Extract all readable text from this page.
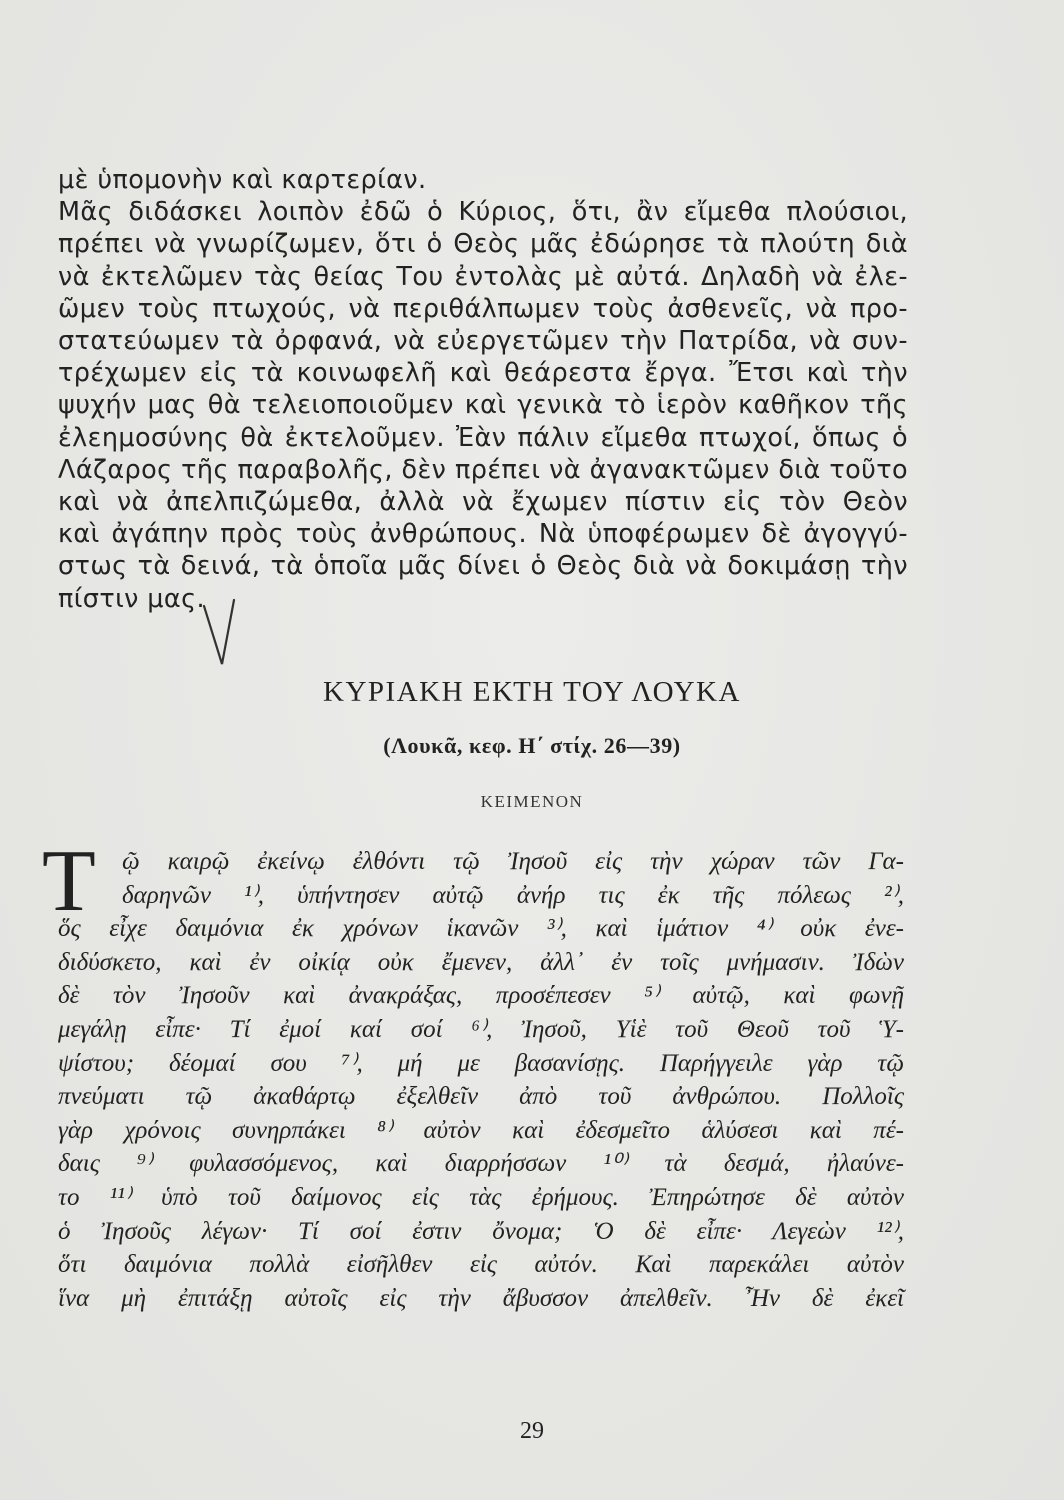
μὲ ὑπομονὴν καὶ καρτερίαν.
Μᾶς διδάσκει λοιπὸν ἐδῶ ὁ Κύριος, ὅτι, ἂν εἴμεθα πλούσιοι,
πρέπει νὰ γνωρίζωμεν, ὅτι ὁ Θεὸς μᾶς ἐδώρησε τὰ πλούτη διὰ
νὰ ἐκτελῶμεν τὰς θείας Του ἐντολὰς μὲ αὐτά. Δηλαδὴ νὰ ἐλε-
ῶμεν τοὺς πτωχούς, νὰ περιθάλπωμεν τοὺς ἀσθενεῖς, νὰ προ-
στατεύωμεν τὰ ὀρφανά, νὰ εὐεργετῶμεν τὴν Πατρίδα, νὰ συν-
τρέχωμεν εἰς τὰ κοινωφελῆ καὶ θεάρεστα ἔργα. Ἔτσι καὶ τὴν
ψυχήν μας θὰ τελειοποιοῦμεν καὶ γενικὰ τὸ ἱερὸν καθῆκον τῆς
ἐλεημοσύνης θὰ ἐκτελοῦμεν. Ἐὰν πάλιν εἴμεθα πτωχοί, ὅπως ὁ
Λάζαρος τῆς παραβολῆς, δὲν πρέπει νὰ ἀγανακτῶμεν διὰ τοῦτο
καὶ νὰ ἀπελπιζώμεθα, ἀλλὰ νὰ ἔχωμεν πίστιν εἰς τὸν Θεὸν
καὶ ἀγάπην πρὸς τοὺς ἀνθρώπους. Νὰ ὑποφέρωμεν δὲ ἀγογγύ-
στως τὰ δεινά, τὰ ὁποῖα μᾶς δίνει ὁ Θεὸς διὰ νὰ δοκιμάσῃ τὴν
πίστιν μας.
ΚΥΡΙΑΚΗ ΕΚΤΗ ΤΟΥ ΛΟΥΚΑ
(Λουκᾶ, κεφ. Η΄ στίχ. 26—39)
ΚΕΙΜΕΝΟΝ
Τ	ῷ καιρῷ ἐκείνῳ ἐλθόντι τῷ Ἰησοῦ εἰς τὴν χώραν τῶν Γα-
δαρηνῶν ¹⁾, ὑπήντησεν αὐτῷ ἀνήρ τις ἐκ τῆς πόλεως ²⁾,
ὅς εἶχε δαιμόνια ἐκ χρόνων ἱκανῶν ³⁾, καὶ ἱμάτιον ⁴⁾ οὐκ ἐνε-
διδύσκετο, καὶ ἐν οἰκίᾳ οὐκ ἔμενεν, ἀλλ᾽ ἐν τοῖς μνήμασιν. Ἰδὼν
δὲ τὸν Ἰησοῦν καὶ ἀνακράξας, προσέπεσεν ⁵⁾ αὐτῷ, καὶ φωνῇ
μεγάλῃ εἶπε· Τί ἐμοί καί σοί ⁶⁾, Ἰησοῦ, Υἱὲ τοῦ Θεοῦ τοῦ Ὑ-
ψίστου; δέομαί σου ⁷⁾, μή με βασανίσῃς. Παρήγγειλε γὰρ τῷ
πνεύματι τῷ ἀκαθάρτῳ ἐξελθεῖν ἀπὸ τοῦ ἀνθρώπου. Πολλοῖς
γὰρ χρόνοις συνηρπάκει ⁸⁾ αὐτὸν καὶ ἐδεσμεῖτο ἁλύσεσι καὶ πέ-
δαις ⁹⁾ φυλασσόμενος, καὶ διαρρήσσων ¹⁰⁾ τὰ δεσμά, ἠλαύνε-
το ¹¹⁾ ὑπὸ τοῦ δαίμονος εἰς τὰς ἐρήμους. Ἐπηρώτησε δὲ αὐτὸν
ὁ Ἰησοῦς λέγων· Τί σοί ἐστιν ὄνομα; Ὁ δὲ εἶπε· Λεγεὼν ¹²⁾,
ὅτι δαιμόνια πολλὰ εἰσῆλθεν εἰς αὐτόν. Καὶ παρεκάλει αὐτὸν
ἵνα μὴ ἐπιτάξῃ αὐτοῖς εἰς τὴν ἄβυσσον ἀπελθεῖν. Ἦν δὲ ἐκεῖ
29
